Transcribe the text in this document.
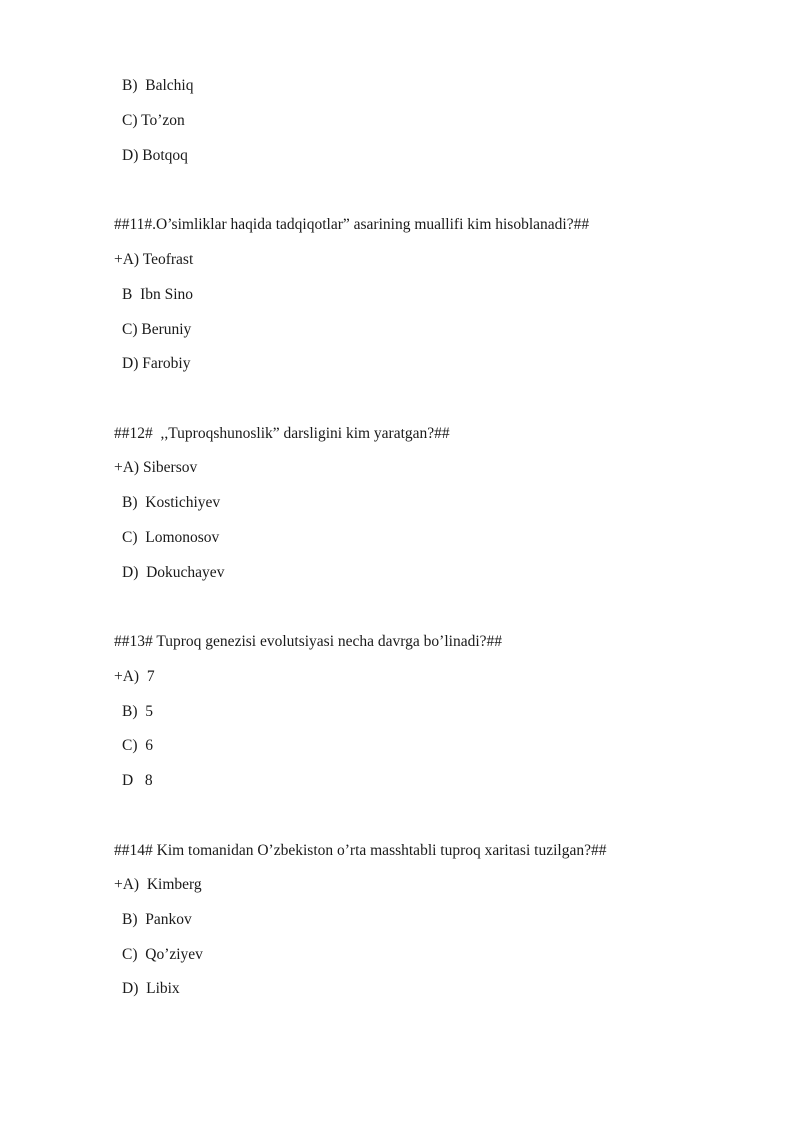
B)  Balchiq
C) To’zon
D) Botqoq
##11#.O’simliklar haqida tadqiqotlar” asarining muallifi kim hisoblanadi?##
+A) Teofrast
B  Ibn Sino
C) Beruniy
D) Farobiy
##12#  ,,Tuproqshunoslik” darsligini kim yaratgan?##
+A) Sibersov
B)  Kostichiyev
C)  Lomonosov
D)  Dokuchayev
##13# Tuproq genezisi evolutsiyasi necha davrga bo’linadi?##
+A)  7
B)  5
C)  6
D   8
##14# Kim tomanidan O’zbekiston o’rta masshtabli tuproq xaritasi tuzilgan?##
+A)  Kimberg
B)  Pankov
C)  Qo’ziyev
D)  Libix
